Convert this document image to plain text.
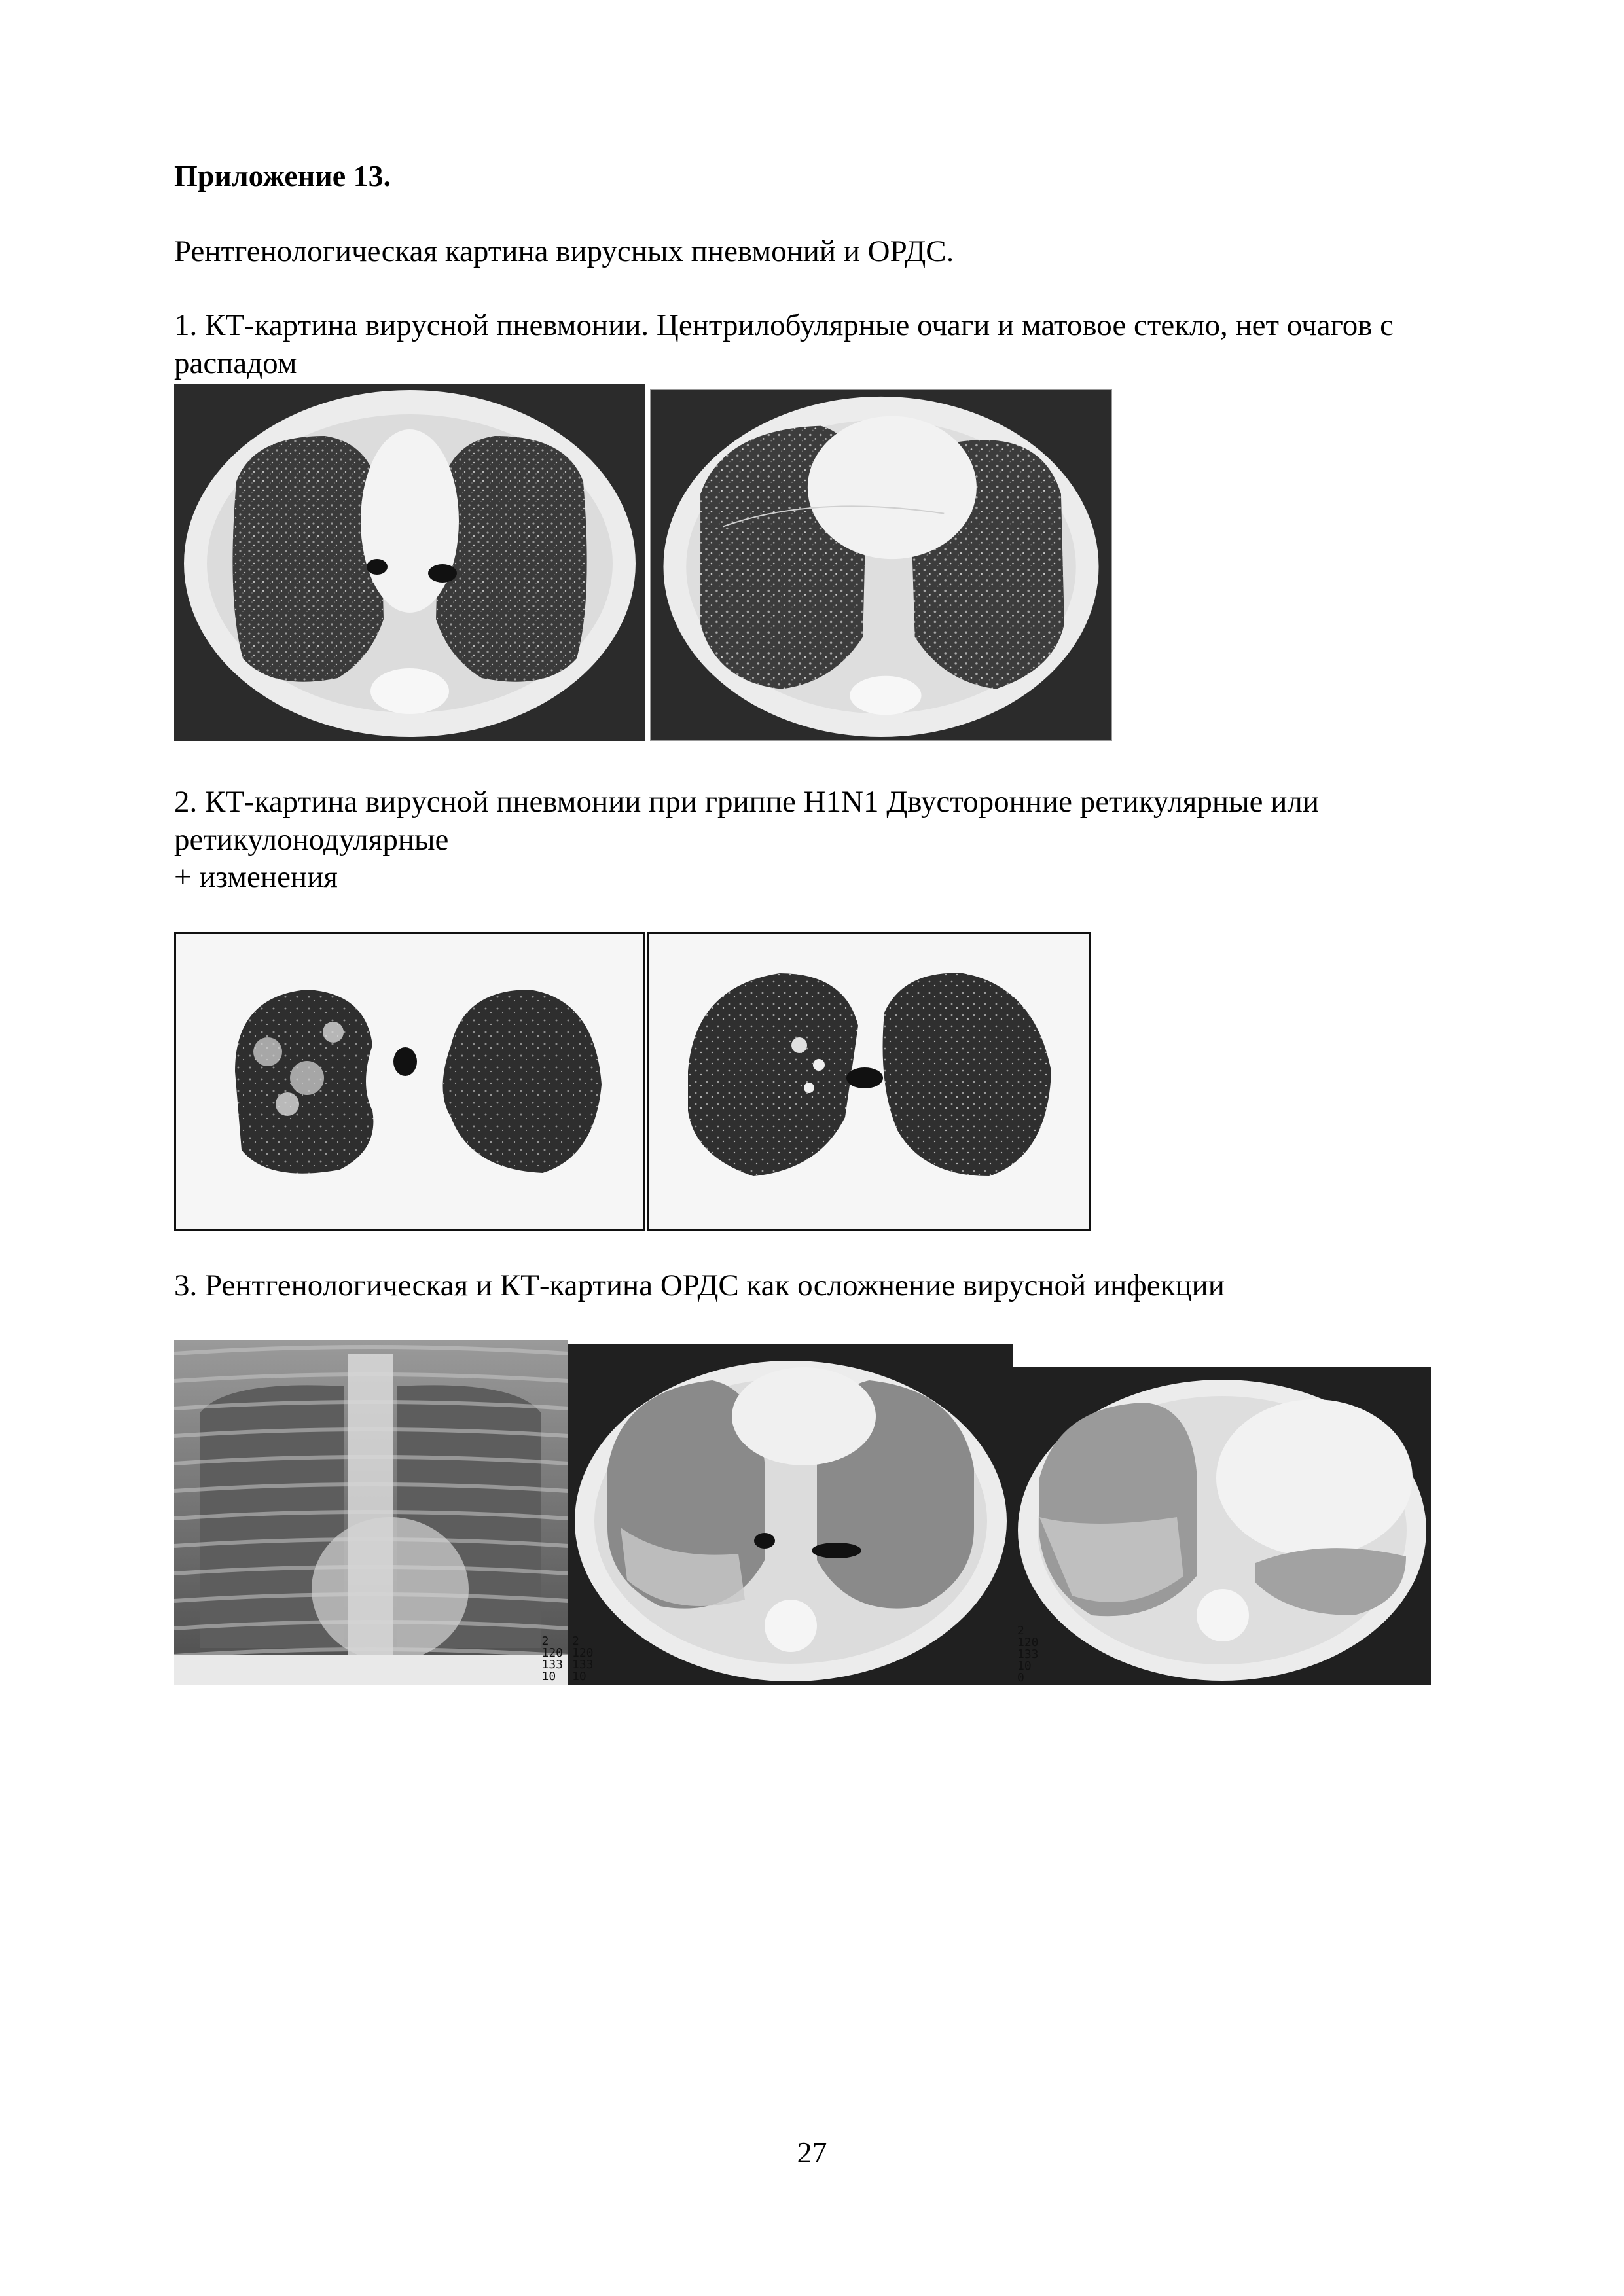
Приложение 13.
Рентгенологическая картина вирусных пневмоний и ОРДС.
1. КТ-картина вирусной пневмонии. Центрилобулярные очаги и матовое стекло, нет очагов с
распадом
2. КТ-картина вирусной пневмонии при гриппе H1N1 Двусторонние ретикулярные или
ретикулонодулярные
+ изменения
3. Рентгенологическая и КТ-картина ОРДС как осложнение вирусной инфекции
2
120
133
10
2
120
133
10
2
120
133
10
0
27
